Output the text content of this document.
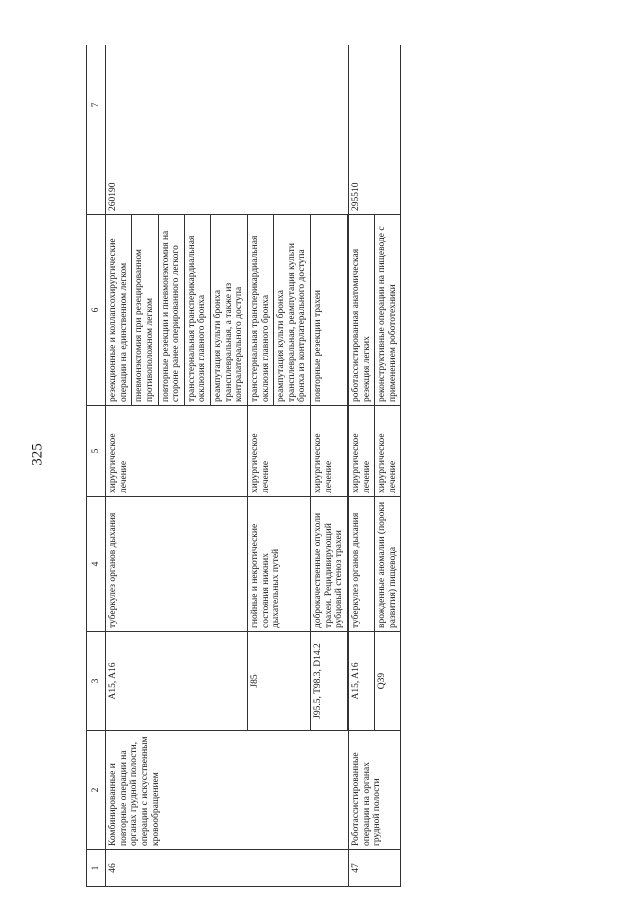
325
1	2	3	4	5	6	7
46	Комбинированные и повторные операции на органах грудной полости, операции с искусственным кровообращением	A15, A16	туберкулез органов дыхания	хирургическое лечение	резекционные и коллапсохирургические операции на единственном легком	260190
					пневмонэктомия при резецированном противоположном легком	
					повторные резекции и пневмонэктомия на стороне ранее оперированного легкого	
					трансстернальная трансперикардиальная окклюзия главного бронха	
					реампутация культи бронхa трансплевральная, а также из контралатерального доступа	
		J85	гнойные и некротические состояния нижних дыхательных путей	хирургическое лечение	трансстернальная трансперикардиальная окклюзия главного бронха	
					реампутация культи бронха трансплевральная, реампутация культи бронха из контрлатерального доступа	
		J95.5, T98.3, D14.2	доброкачественные опухоли трахеи. Рецидивирующий рубцовый стеноз трахеи	хирургическое лечение	повторные резекции трахеи	

47	Роботассистированные операции на органах грудной полости	A15, A16	туберкулез органов дыхания	хирургическое лечение	роботассистированная анатомическая резекция легких	295510
		Q39	врожденные аномалии (пороки развития) пищевода	хирургическое лечение	реконструктивные операции на пищеводе с применением робототехники	
